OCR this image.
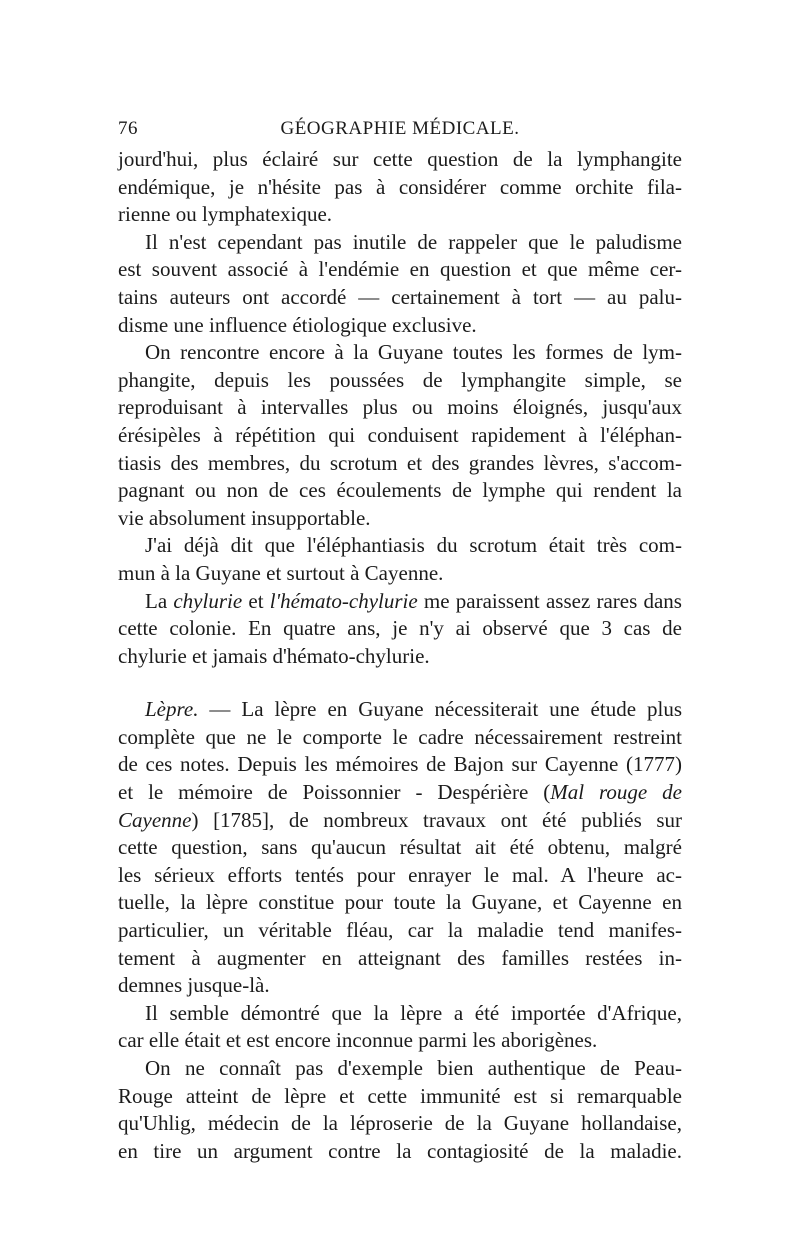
76	GÉOGRAPHIE MÉDICALE.

jourd'hui, plus éclairé sur cette question de la lymphangite
endémique, je n'hésite pas à considérer comme orchite fila-
rienne ou lymphatexique.

Il n'est cependant pas inutile de rappeler que le paludisme
est souvent associé à l'endémie en question et que même cer-
tains auteurs ont accordé — certainement à tort — au palu-
disme une influence étiologique exclusive.

On rencontre encore à la Guyane toutes les formes de lym-
phangite, depuis les poussées de lymphangite simple, se
reproduisant à intervalles plus ou moins éloignés, jusqu'aux
érésipèles à répétition qui conduisent rapidement à l'éléphan-
tiasis des membres, du scrotum et des grandes lèvres, s'accom-
pagnant ou non de ces écoulements de lymphe qui rendent la
vie absolument insupportable.

J'ai déjà dit que l'éléphantiasis du scrotum était très com-
mun à la Guyane et surtout à Cayenne.

La chylurie et l'hémato-chylurie me paraissent assez rares dans
cette colonie. En quatre ans, je n'y ai observé que 3 cas de
chylurie et jamais d'hémato-chylurie.

Lèpre. — La lèpre en Guyane nécessiterait une étude plus
complète que ne le comporte le cadre nécessairement restreint
de ces notes. Depuis les mémoires de Bajon sur Cayenne (1777)
et le mémoire de Poissonnier - Despérière (Mal rouge de
Cayenne) [1785], de nombreux travaux ont été publiés sur
cette question, sans qu'aucun résultat ait été obtenu, malgré
les sérieux efforts tentés pour enrayer le mal. A l'heure ac-
tuelle, la lèpre constitue pour toute la Guyane, et Cayenne en
particulier, un véritable fléau, car la maladie tend manifes-
tement à augmenter en atteignant des familles restées in-
demnes jusque-là.

Il semble démontré que la lèpre a été importée d'Afrique,
car elle était et est encore inconnue parmi les aborigènes.

On ne connaît pas d'exemple bien authentique de Peau-
Rouge atteint de lèpre et cette immunité est si remarquable
qu'Uhlig, médecin de la léproserie de la Guyane hollandaise,
en tire un argument contre la contagiosité de la maladie.
